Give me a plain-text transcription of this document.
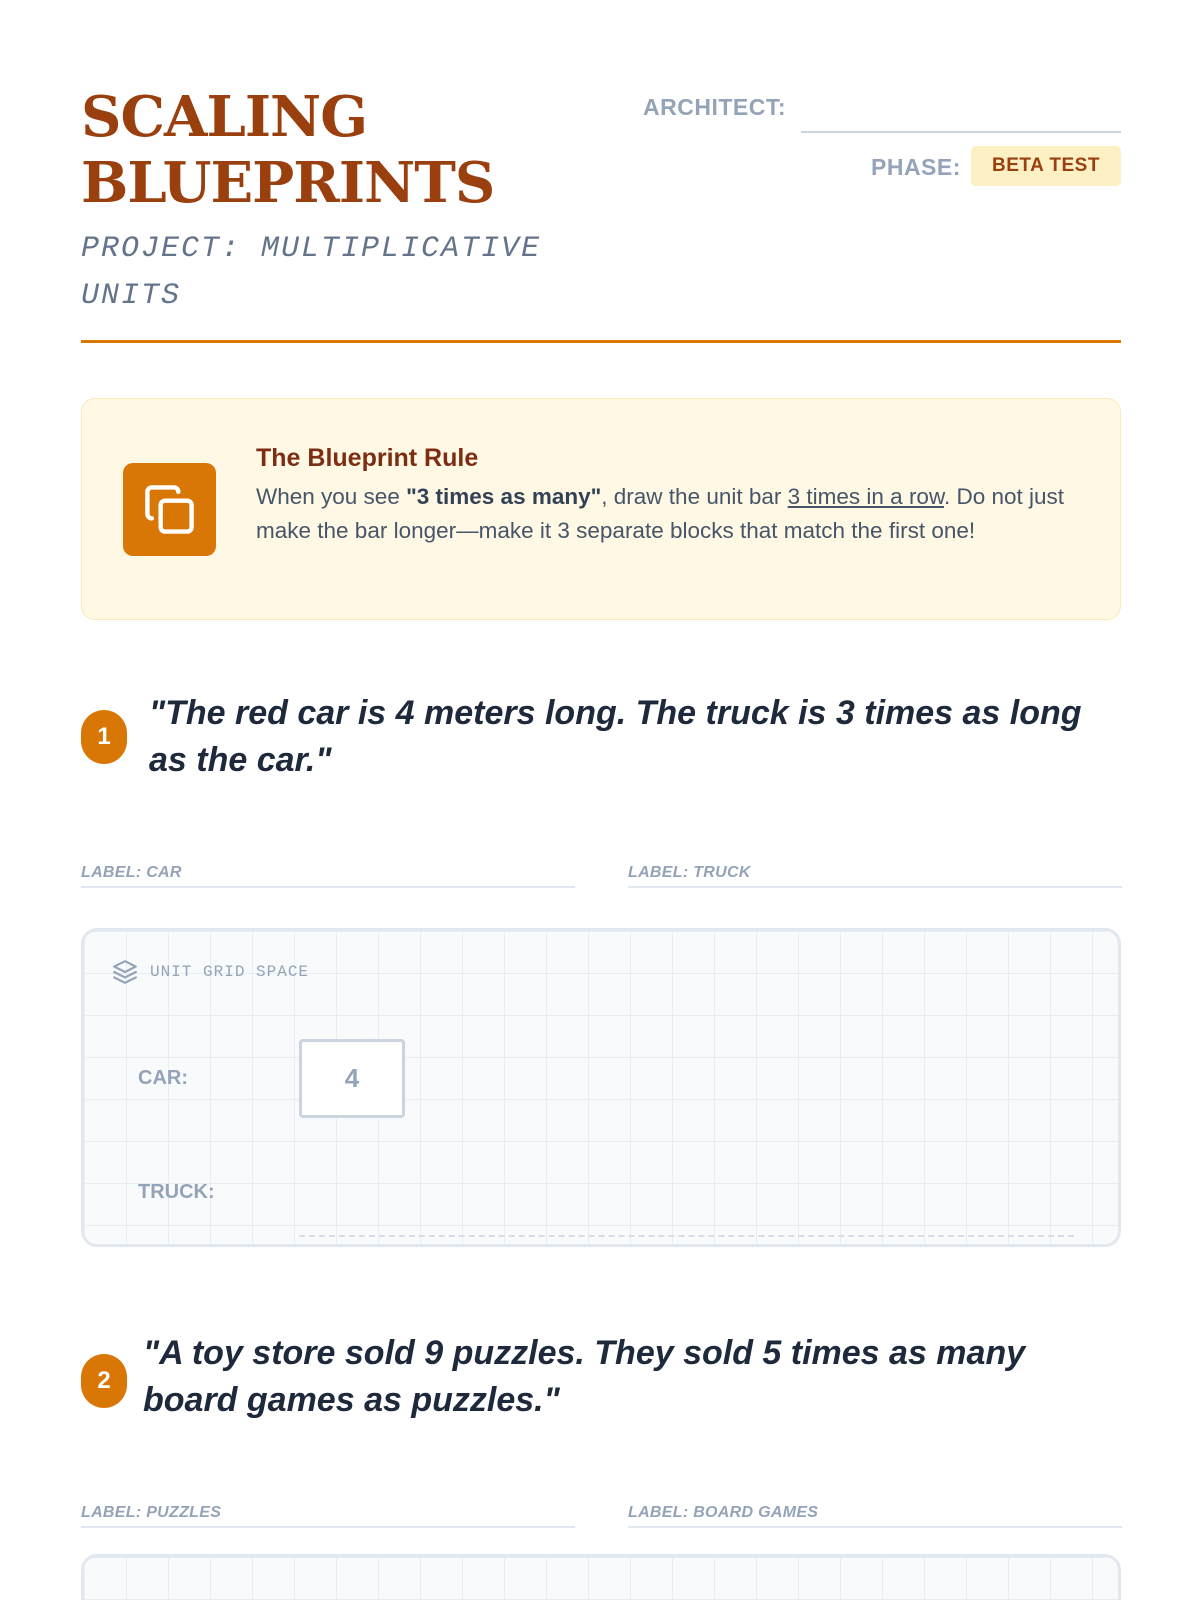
SCALING
BLUEPRINTS
PROJECT: MULTIPLICATIVE UNITS
ARCHITECT:
PHASE:	BETA TEST
The Blueprint Rule
When you see "3 times as many", draw the unit bar 3 times in a row. Do not just make the bar longer—make it 3 separate blocks that match the first one!
1
"The red car is 4 meters long. The truck is 3 times as long as the car."
LABEL: CAR	LABEL: TRUCK
UNIT GRID SPACE
CAR:	4
TRUCK:
2
"A toy store sold 9 puzzles. They sold 5 times as many board games as puzzles."
LABEL: PUZZLES	LABEL: BOARD GAMES
